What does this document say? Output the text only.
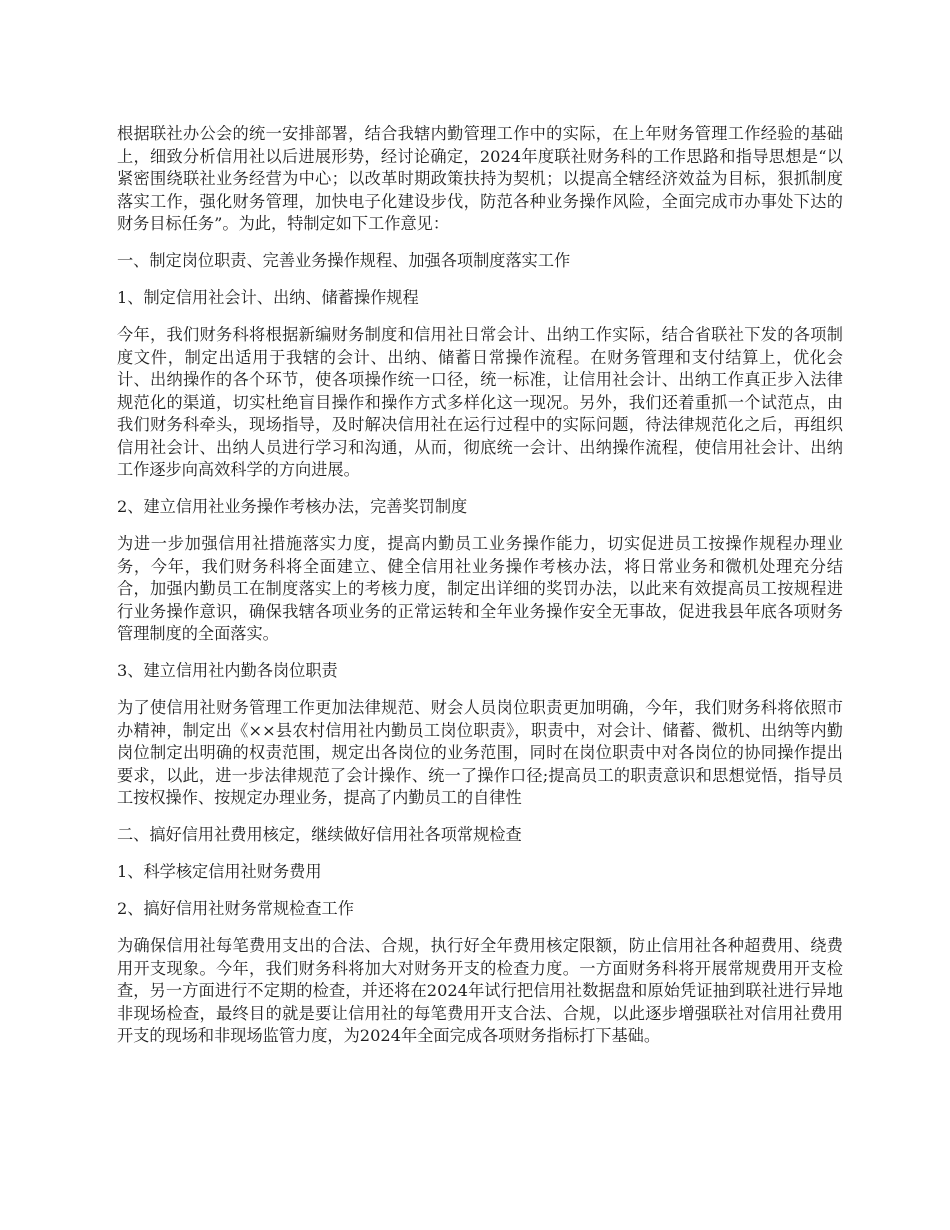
根据联社办公会的统一安排部署，结合我辖内勤管理工作中的实际，在上年财务管理工作经验的基础上，细致分析信用社以后进展形势，经讨论确定，2024年度联社财务科的工作思路和指导思想是“以紧密围绕联社业务经营为中心；以改革时期政策扶持为契机；以提高全辖经济效益为目标，狠抓制度落实工作，强化财务管理，加快电子化建设步伐，防范各种业务操作风险，全面完成市办事处下达的财务目标任务”。为此，特制定如下工作意见：

一、制定岗位职责、完善业务操作规程、加强各项制度落实工作

1、制定信用社会计、出纳、储蓄操作规程

今年，我们财务科将根据新编财务制度和信用社日常会计、出纳工作实际，结合省联社下发的各项制度文件，制定出适用于我辖的会计、出纳、储蓄日常操作流程。在财务管理和支付结算上，优化会计、出纳操作的各个环节，使各项操作统一口径，统一标准，让信用社会计、出纳工作真正步入法律规范化的渠道，切实杜绝盲目操作和操作方式多样化这一现况。另外，我们还着重抓一个试范点，由我们财务科牵头，现场指导，及时解决信用社在运行过程中的实际问题，待法律规范化之后，再组织信用社会计、出纳人员进行学习和沟通，从而，彻底统一会计、出纳操作流程，使信用社会计、出纳工作逐步向高效科学的方向进展。

2、建立信用社业务操作考核办法，完善奖罚制度

为进一步加强信用社措施落实力度，提高内勤员工业务操作能力，切实促进员工按操作规程办理业务，今年，我们财务科将全面建立、健全信用社业务操作考核办法，将日常业务和微机处理充分结合，加强内勤员工在制度落实上的考核力度，制定出详细的奖罚办法，以此来有效提高员工按规程进行业务操作意识，确保我辖各项业务的正常运转和全年业务操作安全无事故，促进我县年底各项财务管理制度的全面落实。

3、建立信用社内勤各岗位职责

为了使信用社财务管理工作更加法律规范、财会人员岗位职责更加明确，今年，我们财务科将依照市办精神，制定出《××县农村信用社内勤员工岗位职责》，职责中，对会计、储蓄、微机、出纳等内勤岗位制定出明确的权责范围，规定出各岗位的业务范围，同时在岗位职责中对各岗位的协同操作提出要求，以此，进一步法律规范了会计操作、统一了操作口径;提高员工的职责意识和思想觉悟，指导员工按权操作、按规定办理业务，提高了内勤员工的自律性

二、搞好信用社费用核定，继续做好信用社各项常规检查

1、科学核定信用社财务费用

2、搞好信用社财务常规检查工作

为确保信用社每笔费用支出的合法、合规，执行好全年费用核定限额，防止信用社各种超费用、绕费用开支现象。今年，我们财务科将加大对财务开支的检查力度。一方面财务科将开展常规费用开支检查，另一方面进行不定期的检查，并还将在2024年试行把信用社数据盘和原始凭证抽到联社进行异地非现场检查，最终目的就是要让信用社的每笔费用开支合法、合规，以此逐步增强联社对信用社费用开支的现场和非现场监管力度，为2024年全面完成各项财务指标打下基础。
